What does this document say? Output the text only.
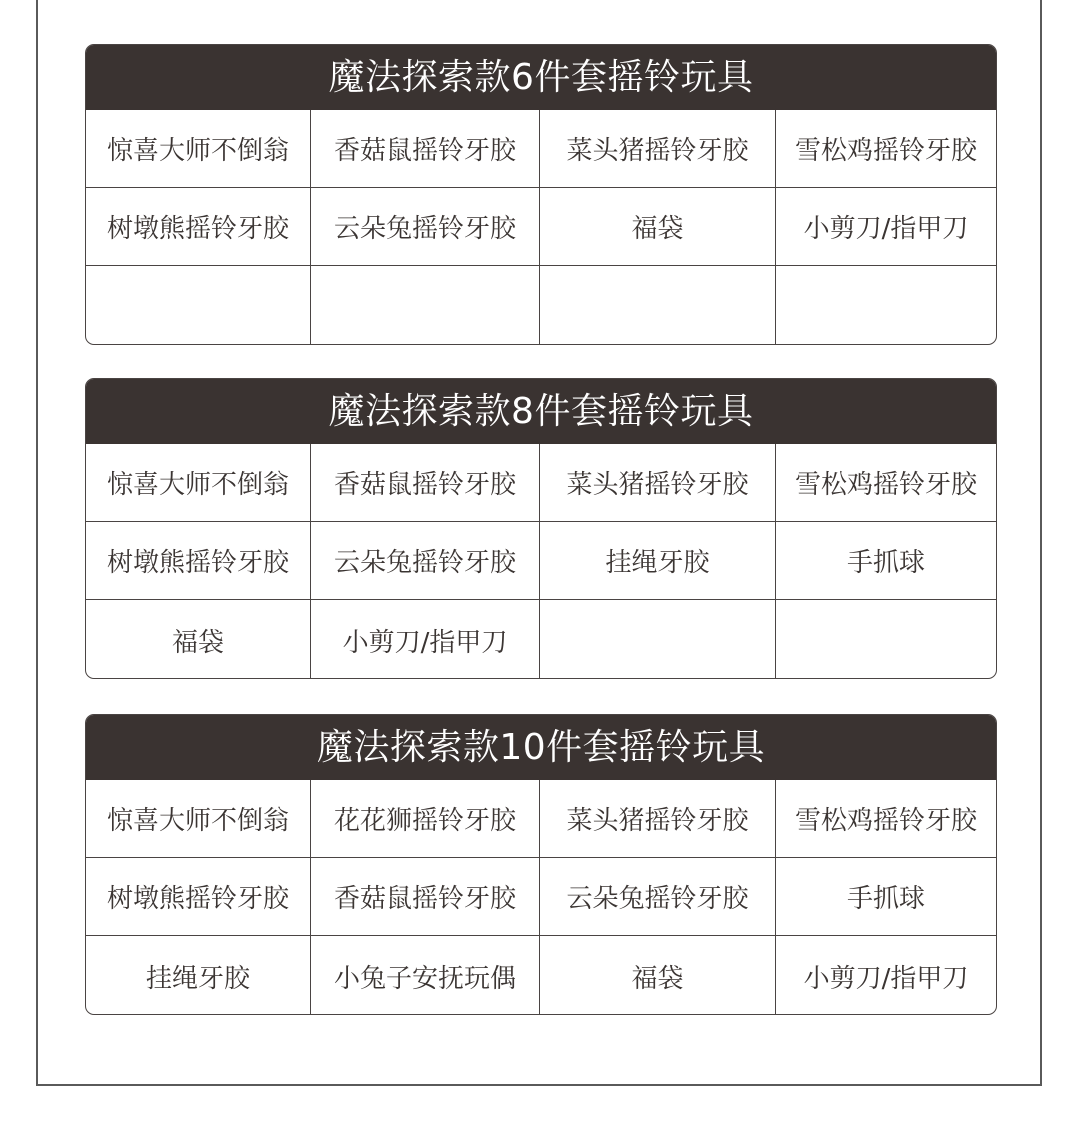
魔法探索款6件套摇铃玩具
惊喜大师不倒翁	香菇鼠摇铃牙胶	菜头猪摇铃牙胶	雪松鸡摇铃牙胶
树墩熊摇铃牙胶	云朵兔摇铃牙胶	福袋	小剪刀/指甲刀
魔法探索款8件套摇铃玩具
惊喜大师不倒翁	香菇鼠摇铃牙胶	菜头猪摇铃牙胶	雪松鸡摇铃牙胶
树墩熊摇铃牙胶	云朵兔摇铃牙胶	挂绳牙胶	手抓球
福袋	小剪刀/指甲刀
魔法探索款10件套摇铃玩具
惊喜大师不倒翁	花花狮摇铃牙胶	菜头猪摇铃牙胶	雪松鸡摇铃牙胶
树墩熊摇铃牙胶	香菇鼠摇铃牙胶	云朵兔摇铃牙胶	手抓球
挂绳牙胶	小兔子安抚玩偶	福袋	小剪刀/指甲刀
